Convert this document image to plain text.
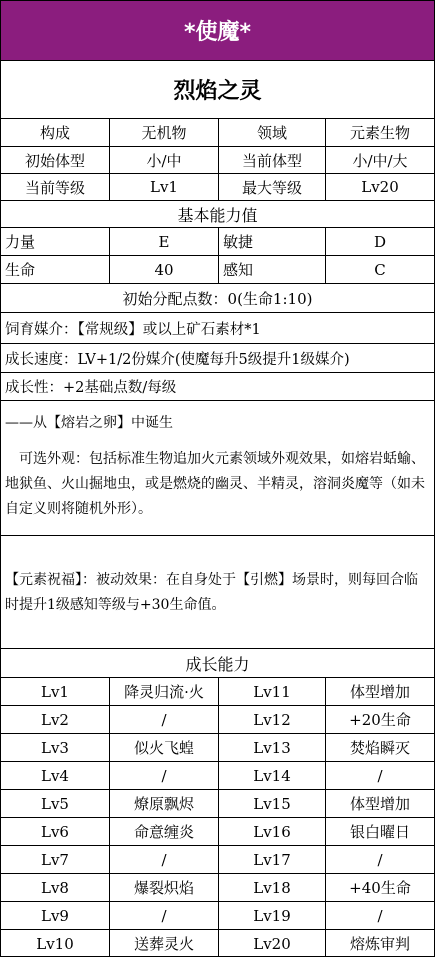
*使魔*
烈焰之灵
构成	无机物	领域	元素生物
初始体型	小/中	当前体型	小/中/大
当前等级	Lv1	最大等级	Lv20
基本能力值
力量	E	敏捷	D
生命	40	感知	C
初始分配点数：0(生命1:10)
饲育媒介：【常规级】或以上矿石素材*1
成长速度：LV+1/2份媒介(使魔每升5级提升1级媒介)
成长性：+2基础点数/每级
——从【熔岩之卵】中诞生
可选外观：包括标准生物追加火元素领域外观效果，如熔岩蛞蝓、地狱鱼、火山掘地虫，或是燃烧的幽灵、半精灵，溶洞炎魔等（如未自定义则将随机外形）。
【元素祝福】：被动效果：在自身处于【引燃】场景时，则每回合临时提升1级感知等级与+30生命值。
成长能力
Lv1	降灵归流·火	Lv11	体型增加
Lv2	/	Lv12	+20生命
Lv3	似火飞蝗	Lv13	焚焰瞬灭
Lv4	/	Lv14	/
Lv5	燎原飘烬	Lv15	体型增加
Lv6	命意缠炎	Lv16	银白曜日
Lv7	/	Lv17	/
Lv8	爆裂炽焰	Lv18	+40生命
Lv9	/	Lv19	/
Lv10	送葬灵火	Lv20	熔炼审判
